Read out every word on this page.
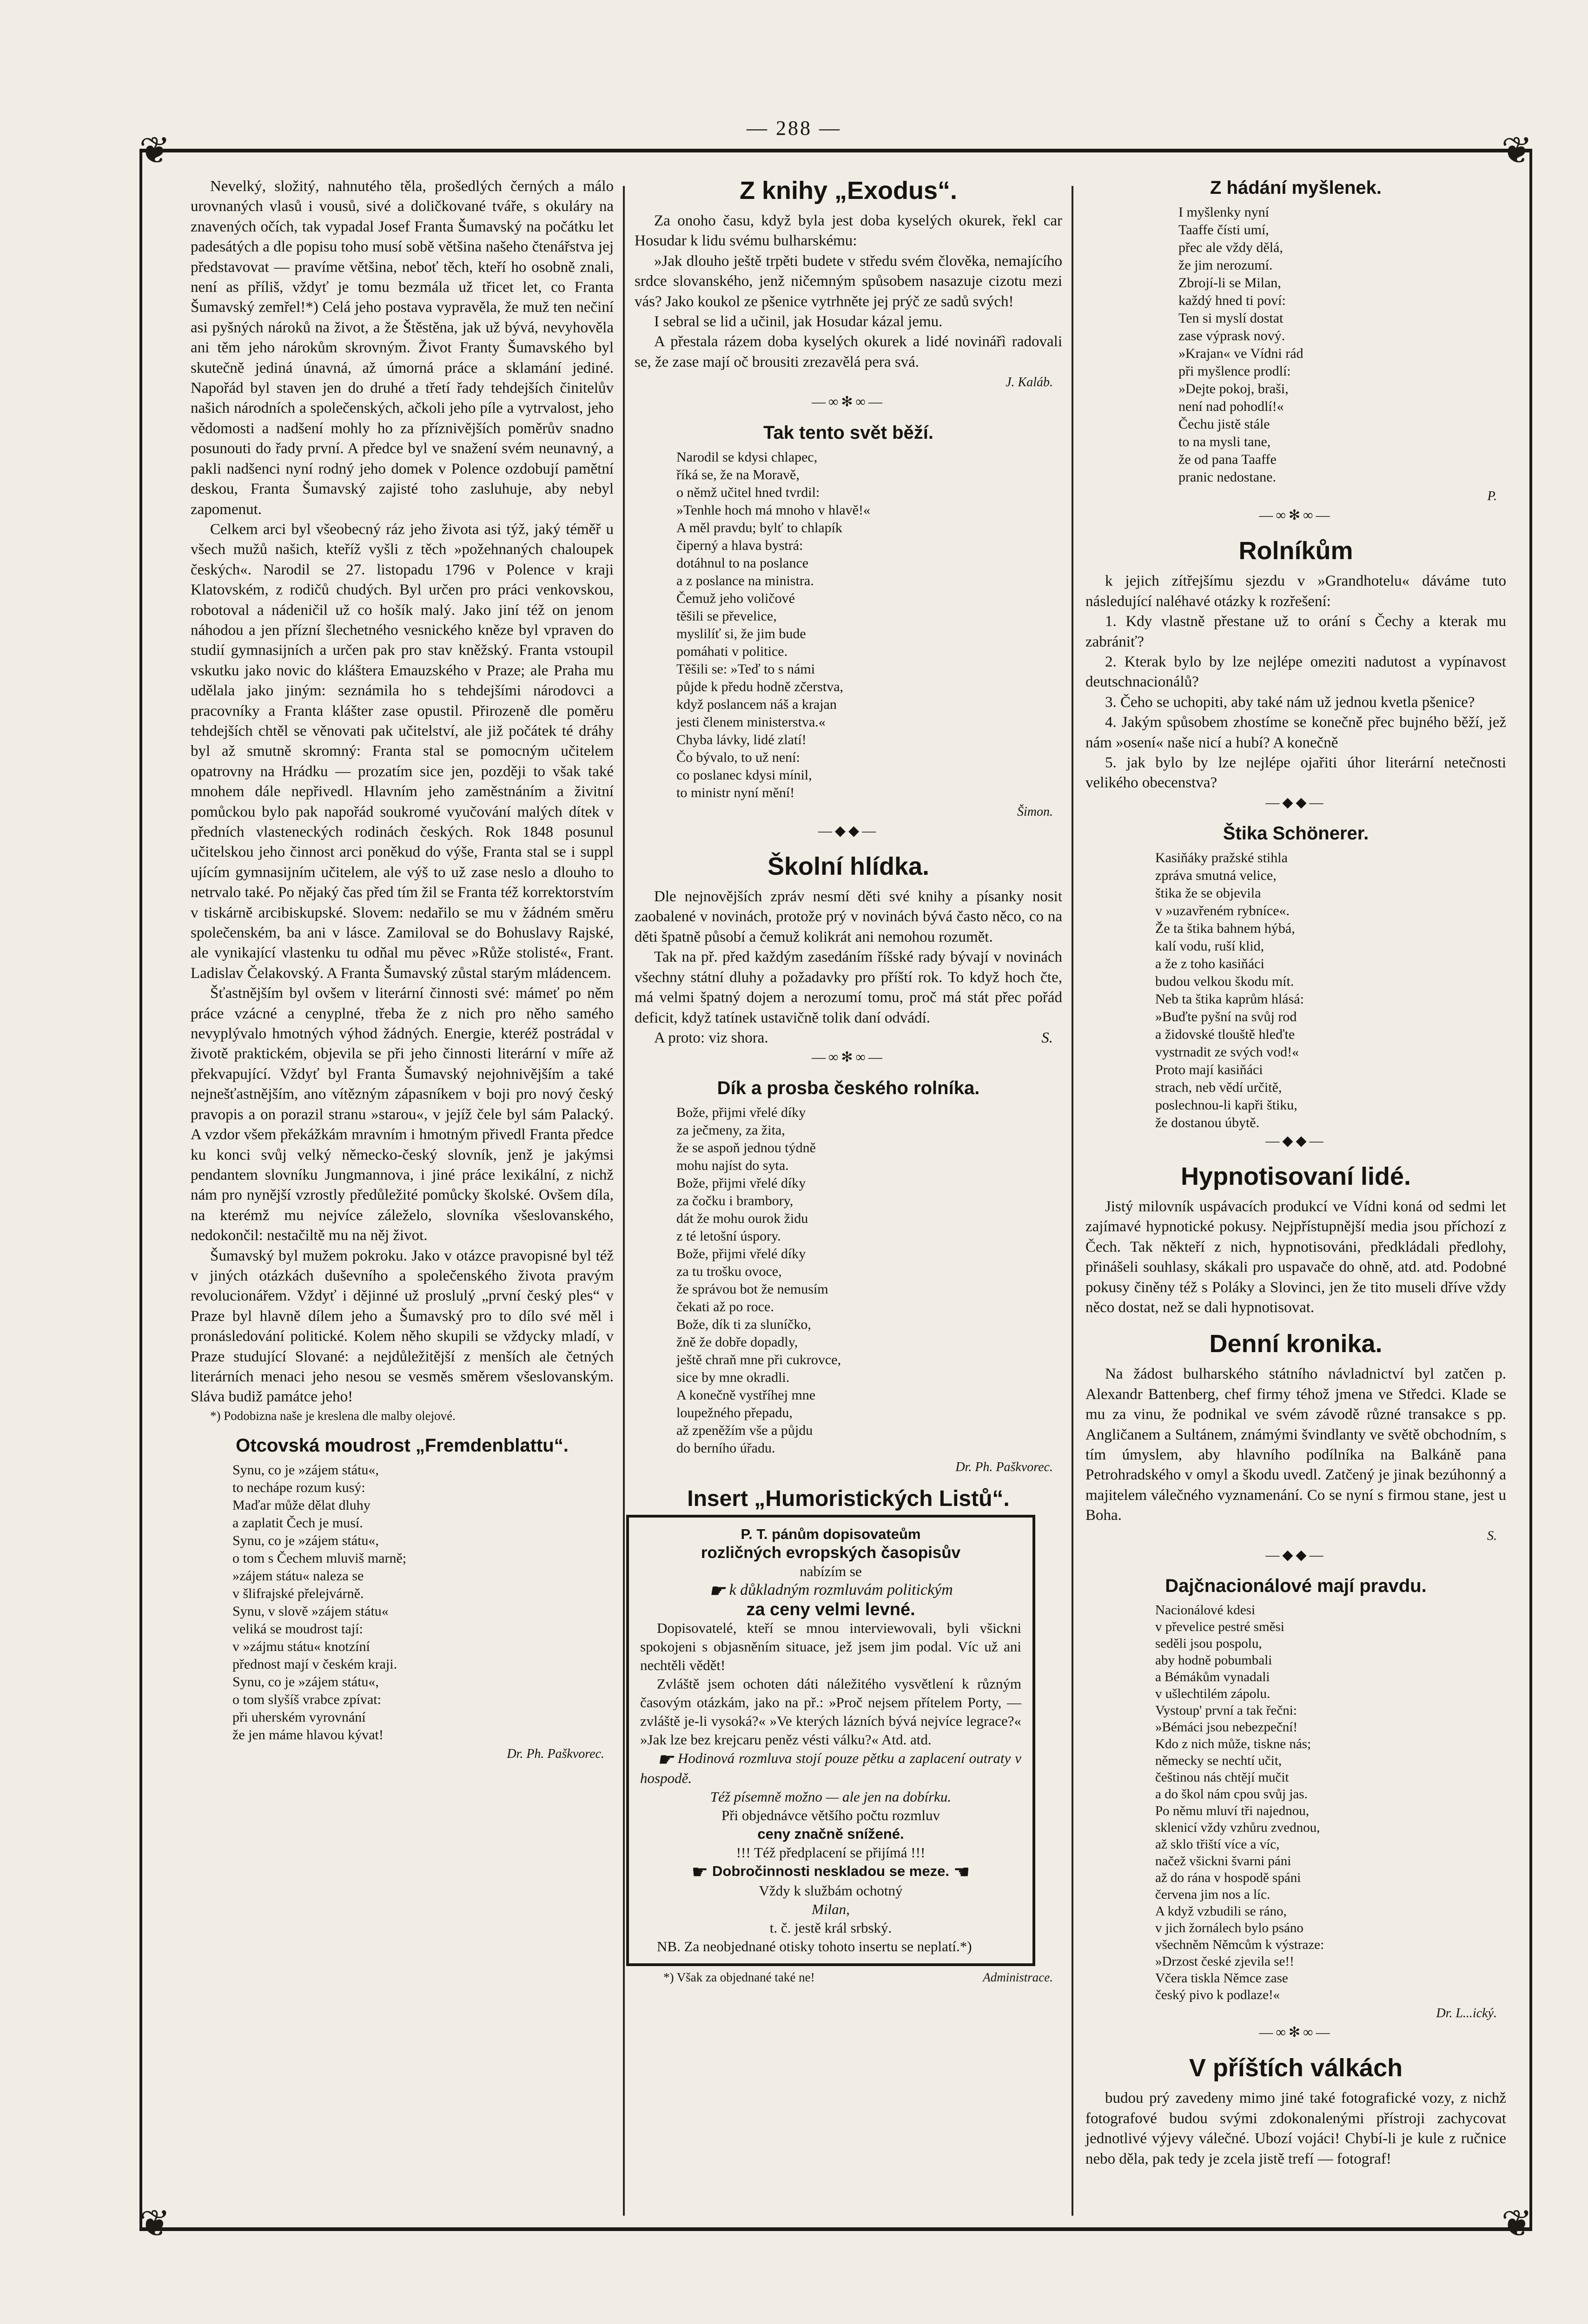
— 288 —
❦	❦
❦	❦

Nevelký, složitý, nahnutého těla, prošedlých černých a málo urovnaných vlasů i vousů, sivé a doličkované tváře, s okuláry na znavených očích, tak vypadal Josef Franta Šumavský na počátku let padesátých a dle popisu toho musí sobě většina našeho čtenářstva jej představovat — pravíme většina, neboť těch, kteří ho osobně znali, není as příliš, vždyť je tomu bezmála už třicet let, co Franta Šumavský zemřel!*) Celá jeho postava vypravěla, že muž ten nečiní asi pyšných nároků na život, a že Štěstěna, jak už bývá, nevyhověla ani těm jeho nárokům skrovným. Život Franty Šumavského byl skutečně jediná únavná, až úmorná práce a sklamání jediné. Napořád byl staven jen do druhé a třetí řady tehdejších činitelův našich národních a společenských, ačkoli jeho píle a vytrvalost, jeho vědomosti a nadšení mohly ho za příznivějších poměrův snadno posunouti do řady první. A předce byl ve snažení svém neunavný, a pakli nadšenci nyní rodný jeho domek v Polence ozdobují pamětní deskou, Franta Šumavský zajisté toho zasluhuje, aby nebyl zapomenut.

Celkem arci byl všeobecný ráz jeho života asi týž, jaký téměř u všech mužů našich, kteříž vyšli z těch »požehnaných chaloupek českých«. Narodil se 27. listopadu 1796 v Polence v kraji Klatovském, z rodičů chudých. Byl určen pro práci venkovskou, robotoval a nádeničil už co hošík malý. Jako jiní též on jenom náhodou a jen přízní šlechetného vesnického kněze byl vpraven do studií gymnasijních a určen pak pro stav kněžský. Franta vstoupil vskutku jako novic do kláštera Emauzského v Praze; ale Praha mu udělala jako jiným: seznámila ho s tehdejšími národovci a pracovníky a Franta klášter zase opustil. Přirozeně dle poměru tehdejších chtěl se věnovati pak učitelství, ale již počátek té dráhy byl až smutně skromný: Franta stal se pomocným učitelem opatrovny na Hrádku — prozatím sice jen, později to však také mnohem dále nepřivedl. Hlavním jeho zaměstnáním a živitní pomůckou bylo pak napořád soukromé vyučování malých dítek v předních vlasteneckých rodinách českých. Rok 1848 posunul učitelskou jeho činnost arci poněkud do výše, Franta stal se i suppl ujícím gymnasijním učitelem, ale výš to už zase neslo a dlouho to netrvalo také. Po nějaký čas před tím žil se Franta též korrektorstvím v tiskárně arcibiskupské. Slovem: nedařilo se mu v žádném směru společenském, ba ani v lásce. Zamiloval se do Bohuslavy Rajské, ale vynikající vlastenku tu odňal mu pěvec »Růže stolisté«, Frant. Ladislav Čelakovský. A Franta Šumavský zůstal starým mládencem.

Šťastnějším byl ovšem v literární činnosti své: mámeť po něm práce vzácné a cenyplné, třeba že z nich pro něho samého nevyplývalo hmotných výhod žádných. Energie, kteréž postrádal v životě praktickém, objevila se při jeho činnosti literární v míře až překvapující. Vždyť byl Franta Šumavský nejohnivějším a také nejnešťastnějším, ano vítězným zápasníkem v boji pro nový český pravopis a on porazil stranu »starou«, v jejíž čele byl sám Palacký. A vzdor všem překážkám mravním i hmotným přivedl Franta předce ku konci svůj velký německo-český slovník, jenž je jakýmsi pendantem slovníku Jungmannova, i jiné práce lexikální, z nichž nám pro nynější vzrostly předůležité pomůcky školské. Ovšem díla, na kterémž mu nejvíce záleželo, slovníka všeslovanského, nedokončil: nestačiltě mu na něj život.

Šumavský byl mužem pokroku. Jako v otázce pravopisné byl též v jiných otázkách duševního a společenského života pravým revolucionářem. Vždyť i dějinné už proslulý „první český ples“ v Praze byl hlavně dílem jeho a Šumavský pro to dílo své měl i pronásledování politické. Kolem něho skupili se vždycky mladí, v Praze studující Slované: a nejdůležitější z menších ale četných literárních menaci jeho nesou se vesměs směrem všeslovanským. Sláva budiž památce jeho!

*) Podobizna naše je kreslena dle malby olejové.

Otcovská moudrost „Fremdenblattu“.
Synu, co je »zájem státu«,
to nechápe rozum kusý:
Maďar může dělat dluhy
a zaplatit Čech je musí.
Synu, co je »zájem státu«,
o tom s Čechem mluviš marně;
»zájem státu« naleza se
v šlifrajské přelejvárně.
Synu, v slově »zájem státu«
veliká se moudrost tají:
v »zájmu státu« knotzíní
přednost mají v českém kraji.
Synu, co je »zájem státu«,
o tom slyšíš vrabce zpívat:
při uherském vyrovnání
že jen máme hlavou kývat!
Dr. Ph. Paškvorec.
Z knihy „Exodus“.

Za onoho času, když byla jest doba kyselých okurek, řekl car Hosudar k lidu svému bulharskému:

»Jak dlouho ještě trpěti budete v středu svém člověka, nemajícího srdce slovanského, jenž ničemným spůsobem nasazuje cizotu mezi vás? Jako koukol ze pšenice vytrhněte jej prýč ze sadů svých!

I sebral se lid a učinil, jak Hosudar kázal jemu.

A přestala rázem doba kyselých okurek a lidé novinářì radovali se, že zase mají oč brousiti zrezavělá pera svá.

J. Kaláb.
—∞✻∞—
Tak tento svět běží.
Narodil se kdysi chlapec,
říká se, že na Moravě,
o němž učitel hned tvrdil:
»Tenhle hoch má mnoho v hlavě!«
A měl pravdu; bylť to chlapík
čiperný a hlava bystrá:
dotáhnul to na poslance
a z poslance na ministra.
Čemuž jeho voličové
těšili se převelice,
myslilíť si, že jim bude
pomáhati v politice.
Těšili se: »Teď to s námi
půjde k předu hodně zčerstva,
když poslancem náš a krajan
jesti členem ministerstva.«
Chyba lávky, lidé zlatí!
Čo bývalo, to už není:
co poslanec kdysi mínil,
to ministr nyní mění!
Šimon.
—◆◆—
Školní hlídka.

Dle nejnovějších zpráv nesmí děti své knihy a písanky nosit zaobalené v novinách, protože prý v novinách bývá často něco, co na děti špatně působí a čemuž kolikrát ani nemohou rozumět.

Tak na př. před každým zasedáním říšské rady bývají v novinách všechny státní dluhy a požadavky pro příští rok. To když hoch čte, má velmi špatný dojem a nerozumí tomu, proč má stát přec pořád deficit, když tatínek ustavičně tolik daní odvádí.

A proto: viz shora.	S.

—∞✻∞—
Dík a prosba českého rolníka.
Bože, přijmi vřelé díky
za ječmeny, za žita,
že se aspoň jednou týdně
mohu najíst do syta.
Bože, přijmi vřelé díky
za čočku i brambory,
dát že mohu ourok židu
z té letošní úspory.
Bože, přijmi vřelé díky
za tu trošku ovoce,
že správou bot že nemusím
čekati až po roce.
Bože, dík ti za sluníčko,
žně že dobře dopadly,
ještě chraň mne při cukrovce,
sice by mne okradli.
A konečně vystříhej mne
loupežného přepadu,
až zpeněžím vše a půjdu
do berního úřadu.
Dr. Ph. Paškvorec.
Insert „Humoristických Listů“.
P. T. pánům dopisovateům
rozličných evropských časopisův
nabízím se
☛ k důkladným rozmluvám politickým
za ceny velmi levné.

Dopisovatelé, kteří se mnou interviewovali, byli všickni spokojeni s objasněním situace, jež jsem jim podal. Víc už ani nechtěli vědět!

Zvláště jsem ochoten dáti náležitého vysvětlení k různým časovým otázkám, jako na př.: »Proč nejsem přítelem Porty, — zvláště je-li vysoká?« »Ve kterých lázních bývá nejvíce legrace?« »Jak lze bez krejcaru peněz vésti válku?« Atd. atd.

☛ Hodinová rozmluva stojí pouze pětku a zaplacení outraty v hospodě.

Též písemně možno — ale jen na dobírku.
Při objednávce většího počtu rozmluv
ceny značně snížené.
!!! Též předplacení se přijímá !!!
☛ Dobročinnosti neskladou se meze. ☚
Vždy k službám ochotný
Milan,
t. č. jestě král srbský.

NB. Za neobjednané otisky tohoto insertu se neplatí.*)

*) Však za objednané také ne!	Administrace.
Z hádání myšlenek.
I myšlenky nyní
Taaffe čísti umí,
přec ale vždy dělá,
že jim nerozumí.
Zbrojí-li se Milan,
každý hned ti poví:
Ten si myslí dostat
zase výprask nový.
»Krajan« ve Vídni rád
při myšlence prodlí:
»Dejte pokoj, braši,
není nad pohodlí!«
Čechu jistě stále
to na mysli tane,
že od pana Taaffe
pranic nedostane.
P.
—∞✻∞—
Rolníkům

k jejich zítřejšímu sjezdu v »Grandhotelu« dáváme tuto následující naléhavé otázky k rozřešení:

1. Kdy vlastně přestane už to orání s Čechy a kterak mu zabrániť?

2. Kterak bylo by lze nejlépe omeziti nadutost a vypínavost deutschnacionálů?

3. Čeho se uchopiti, aby také nám už jednou kvetla pšenice?

4. Jakým spůsobem zhostíme se konečně přec bujného běží, jež nám »osení« naše nicí a hubí? A konečně

5. jak bylo by lze nejlépe ojařiti úhor literární netečnosti velikého obecenstva?

—◆◆—
Štika Schönerer.
Kasiňáky pražské stihla
zpráva smutná velice,
štika že se objevila
v »uzavřeném rybníce«.
Že ta štika bahnem hýbá,
kalí vodu, ruší klid,
a že z toho kasiňáci
budou velkou škodu mít.
Neb ta štika kaprům hlásá:
»Buďte pyšní na svůj rod
a židovské tlouště hleďte
vystrnadit ze svých vod!«
Proto mají kasiňáci
strach, neb vědí určitě,
poslechnou-li kapři štiku,
že dostanou úbytě.
—◆◆—
Hypnotisovaní lidé.

Jistý milovník uspávacích produkcí ve Vídni koná od sedmi let zajímavé hypnotické pokusy. Nejpřístupnější media jsou příchozí z Čech. Tak někteří z nich, hypnotisováni, předkládali předlohy, přinášeli souhlasy, skákali pro uspavače do ohně, atd. atd. Podobné pokusy činěny též s Poláky a Slovinci, jen že tito museli dříve vždy něco dostat, než se dali hypnotisovat.

Denní kronika.

Na žádost bulharského státního návladnictví byl zatčen p. Alexandr Battenberg, chef firmy téhož jmena ve Středci. Klade se mu za vinu, že podnikal ve svém závodě různé transakce s pp. Angličanem a Sultánem, známými švindlanty ve světě obchodním, s tím úmyslem, aby hlavního podílníka na Balkáně pana Petrohradského v omyl a škodu uvedl. Zatčený je jinak bezúhonný a majitelem válečného vyznamenání. Co se nyní s firmou stane, jest u Boha.

S.
—◆◆—
Dajčnacionálové mají pravdu.
Nacionálové kdesi
v převelice pestré směsi
seděli jsou pospolu,
aby hodně pobumbali
a Bémákům vynadali
v ušlechtilém zápolu.
Vystoup' první a tak řečni:
»Bémáci jsou nebezpeční!
Kdo z nich může, tiskne nás;
německy se nechtí učit,
češtinou nás chtějí mučit
a do škol nám cpou svůj jas.
Po němu mluví tři najednou,
sklenicí vždy vzhůru zvednou,
až sklo třiští více a víc,
načež všickni švarni páni
až do rána v hospodě spáni
červena jim nos a líc.
A když vzbudili se ráno,
v jich žornálech bylo psáno
všechněm Němcům k výstraze:
»Drzost české zjevila se!!
Včera tiskla Němce zase
český pivo k podlaze!«
Dr. L...ický.
—∞✻∞—
V příštích válkách

budou prý zavedeny mimo jiné také fotografické vozy, z nichž fotografové budou svými zdokonalenými přístroji zachycovat jednotlivé výjevy válečné. Ubozí vojáci! Chybí-li je kule z ručnice nebo děla, pak tedy je zcela jistě trefí — fotograf!
